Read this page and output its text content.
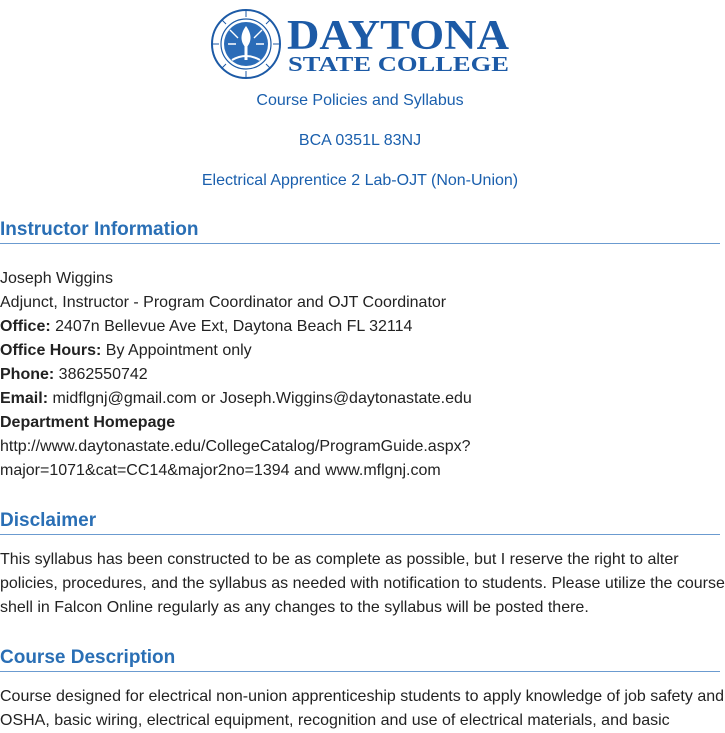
DAYTONA
STATE COLLEGE
Course Policies and Syllabus
BCA 0351L 83NJ
Electrical Apprentice 2 Lab-OJT (Non-Union)
Instructor Information
Joseph Wiggins
Adjunct, Instructor - Program Coordinator and OJT Coordinator
Office: 2407n Bellevue Ave Ext, Daytona Beach FL 32114
Office Hours: By Appointment only
Phone: 3862550742
Email: midflgnj@gmail.com or Joseph.Wiggins@daytonastate.edu
Department Homepage
http://www.daytonastate.edu/CollegeCatalog/ProgramGuide.aspx?
major=1071&cat=CC14&major2no=1394 and www.mflgnj.com
Disclaimer
This syllabus has been constructed to be as complete as possible, but I reserve the right to alter
policies, procedures, and the syllabus as needed with notification to students. Please utilize the course
shell in Falcon Online regularly as any changes to the syllabus will be posted there.
Course Description
Course designed for electrical non-union apprenticeship students to apply knowledge of job safety and
OSHA, basic wiring, electrical equipment, recognition and use of electrical materials, and basic
